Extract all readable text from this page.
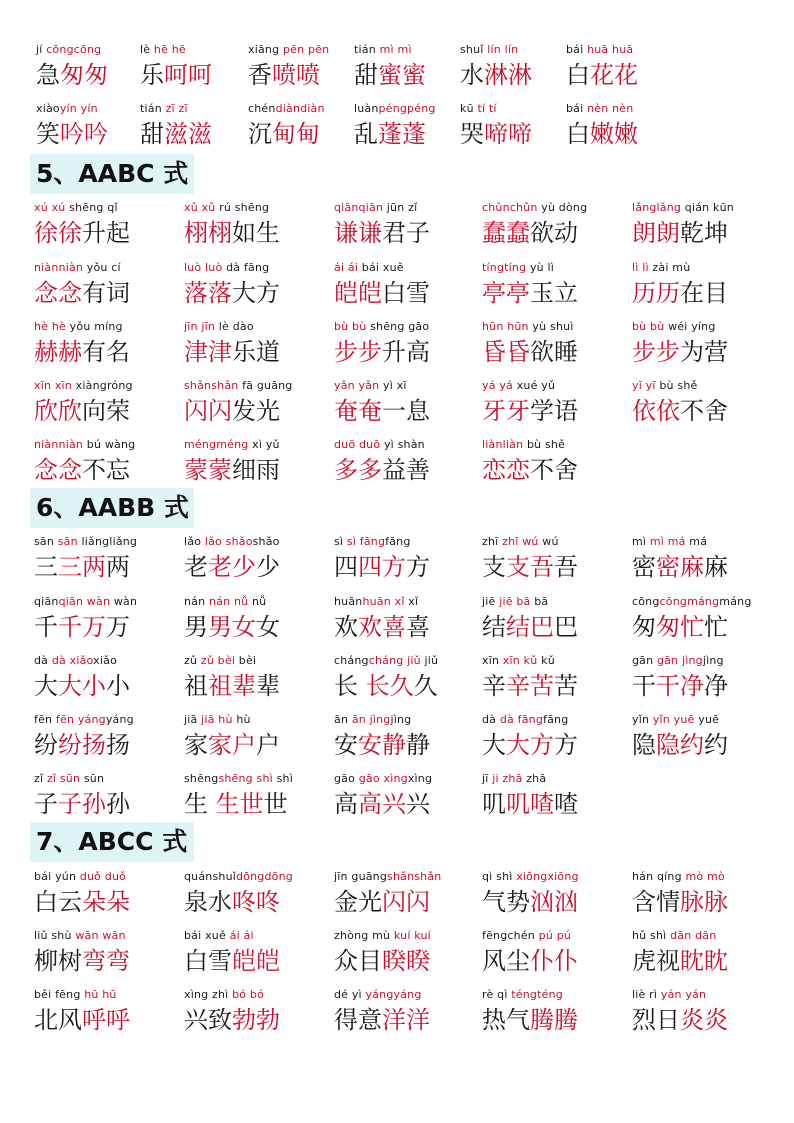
jí cōngcōng
急匆匆
lè hē hē
乐呵呵
xiāng pēn pēn
香喷喷
tián mì mì
甜蜜蜜
shuǐ lín lín
水淋淋
bái huā huā
白花花
xiàoyín yín
笑吟吟
tián zī zī
甜滋滋
chéndiàndiàn
沉甸甸
luànpéngpéng
乱蓬蓬
kū tí tí
哭啼啼
bái nèn nèn
白嫩嫩
5、AABC 式
xú xú shēng qǐ
徐徐升起
xǔ xǔ rú shēng
栩栩如生
qiānqiān jūn zǐ
谦谦君子
chǔnchǔn yù dòng
蠢蠢欲动
lǎnglǎng qián kūn
朗朗乾坤
niànniàn yǒu cí
念念有词
luò luò dà fāng
落落大方
ái ái bái xuě
皑皑白雪
tíngtíng yù lì
亭亭玉立
lì lì zài mù
历历在目
hè hè yǒu míng
赫赫有名
jīn jīn lè dào
津津乐道
bù bù shēng gāo
步步升高
hūn hūn yù shuì
昏昏欲睡
bù bù wéi yíng
步步为营
xīn xīn xiàngróng
欣欣向荣
shǎnshǎn fā guāng
闪闪发光
yǎn yǎn yì xī
奄奄一息
yá yá xué yǔ
牙牙学语
yī yī bù shě
依依不舍
niànniàn bú wàng
念念不忘
méngméng xì yǔ
蒙蒙细雨
duō duō yì shàn
多多益善
liànliàn bù shě
恋恋不舍
6、AABB 式
sān sān liǎngliǎng
三三两两
lǎo lǎo shǎoshǎo
老老少少
sì sì fāngfāng
四四方方
zhī zhī wú wú
支支吾吾
mì mì má má
密密麻麻
qiānqiān wàn wàn
千千万万
nán nán nǚ nǚ
男男女女
huānhuān xǐ xǐ
欢欢喜喜
jiē jiē bā bā
结结巴巴
cōngcōngmángmáng
匆匆忙忙
dà dà xiǎoxiǎo
大大小小
zǔ zǔ bèi bèi
祖祖辈辈
chángcháng jiǔ jiǔ
长 长久久
xīn xīn kǔ kǔ
辛辛苦苦
gān gān jìngjìng
干干净净
fēn fēn yángyáng
纷纷扬扬
jiā jiā hù hù
家家户户
ān ān jìngjìng
安安静静
dà dà fāngfāng
大大方方
yǐn yǐn yuē yuē
隐隐约约
zǐ zǐ sūn sūn
子子孙孙
shēngshēng shì shì
生 生世世
gāo gāo xìngxìng
高高兴兴
jī ji zhā zhā
叽叽喳喳
7、ABCC 式
bái yún duǒ duǒ
白云朵朵
quánshuǐdōngdōng
泉水咚咚
jīn guāngshǎnshǎn
金光闪闪
qì shì xiōngxiōng
气势汹汹
hán qíng mò mò
含情脉脉
liǔ shù wān wān
柳树弯弯
bái xuě ái ái
白雪皑皑
zhòng mù kuí kuí
众目睽睽
fēngchén pú pú
风尘仆仆
hǔ shì dān dān
虎视眈眈
běi fēng hū hū
北风呼呼
xìng zhì bó bó
兴致勃勃
dé yì yángyáng
得意洋洋
rè qì téngténg
热气腾腾
liè rì yán yán
烈日炎炎
